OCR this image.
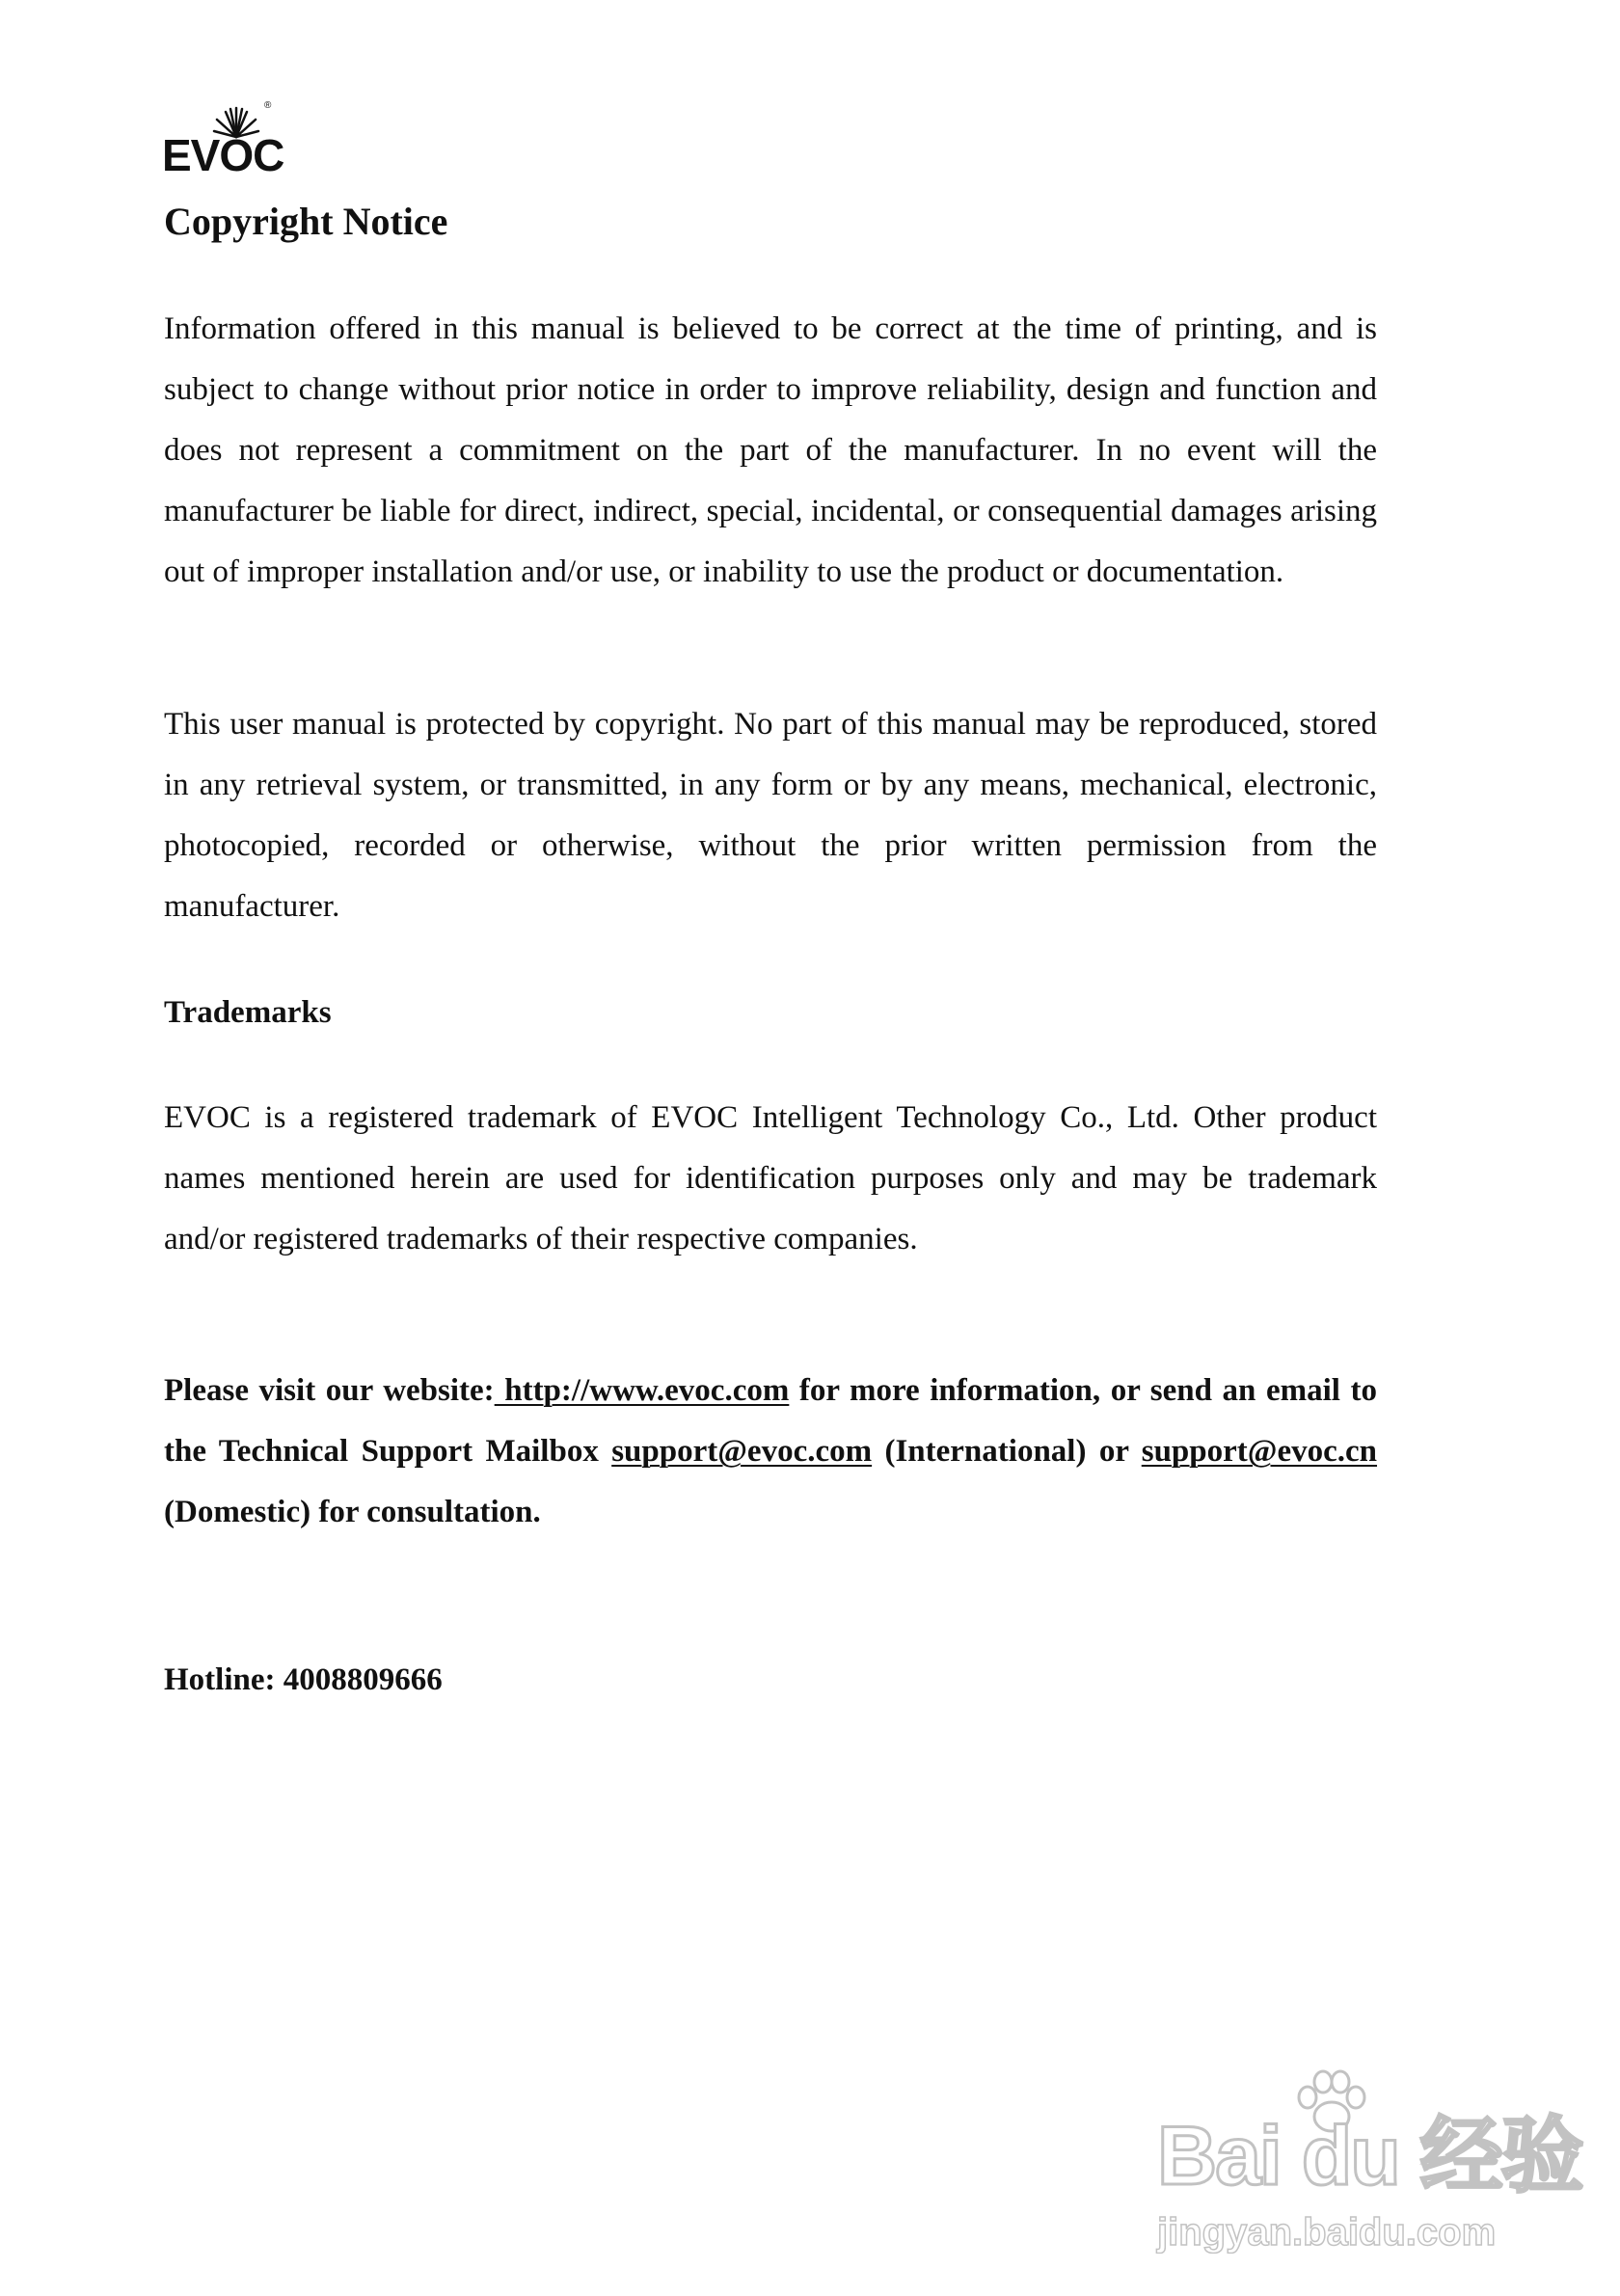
®
EVOC
Copyright Notice

Information offered in this manual is believed to be correct at the time of printing, and is subject to change without prior notice in order to improve reliability, design and function and does not represent a commitment on the part of the manufacturer. In no event will the manufacturer be liable for direct, indirect, special, incidental, or consequential damages arising out of improper installation and/or use, or inability to use the product or documentation.

This user manual is protected by copyright. No part of this manual may be reproduced, stored in any retrieval system, or transmitted, in any form or by any means, mechanical, electronic, photocopied, recorded or otherwise, without the prior written permission from the manufacturer.

Trademarks

EVOC is a registered trademark of EVOC Intelligent Technology Co., Ltd. Other product names mentioned herein are used for identification purposes only and may be trademark and/or registered trademarks of their respective companies.

Please visit our website: http://www.evoc.com for more information, or send an email to the Technical Support Mailbox support@evoc.com (International) or support@evoc.cn (Domestic) for consultation.

Hotline: 4008809666
Bai du 经验
jingyan.baidu.com
